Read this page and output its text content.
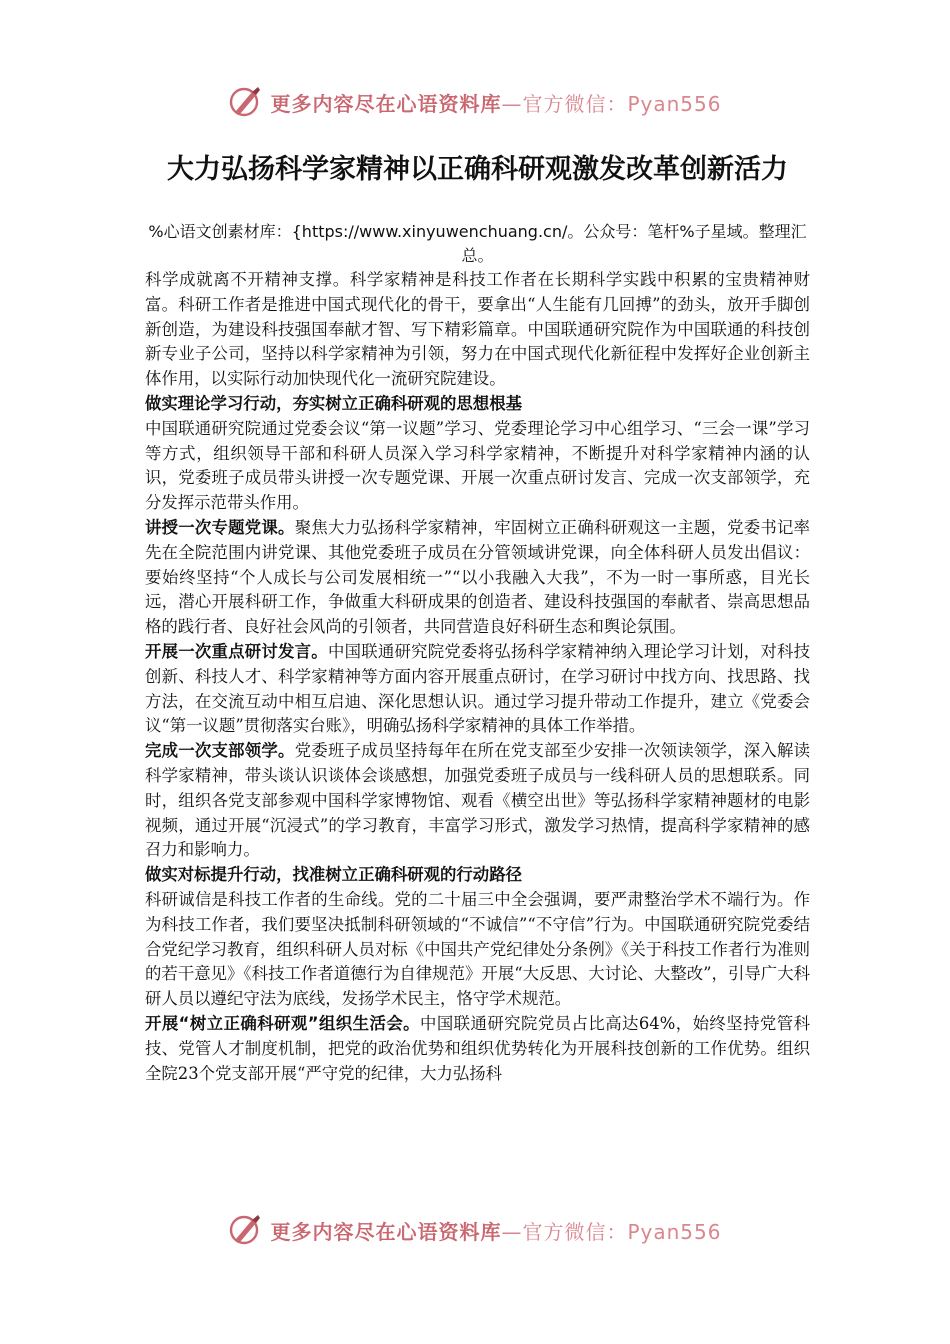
更多内容尽在心语资料库—官方微信：Pyan556
大力弘扬科学家精神以正确科研观激发改革创新活力
%心语文创素材库：{https://www.xinyuwenchuang.cn/。公众号：笔杆%子星域。整理汇总。

科学成就离不开精神支撑。科学家精神是科技工作者在长期科学实践中积累的宝贵精神财富。科研工作者是推进中国式现代化的骨干，要拿出“人生能有几回搏”的劲头，放开手脚创新创造，为建设科技强国奉献才智、写下精彩篇章。中国联通研究院作为中国联通的科技创新专业子公司，坚持以科学家精神为引领，努力在中国式现代化新征程中发挥好企业创新主体作用，以实际行动加快现代化一流研究院建设。

做实理论学习行动，夯实树立正确科研观的思想根基

中国联通研究院通过党委会议“第一议题”学习、党委理论学习中心组学习、“三会一课”学习等方式，组织领导干部和科研人员深入学习科学家精神，不断提升对科学家精神内涵的认识，党委班子成员带头讲授一次专题党课、开展一次重点研讨发言、完成一次支部领学，充分发挥示范带头作用。

讲授一次专题党课。聚焦大力弘扬科学家精神，牢固树立正确科研观这一主题，党委书记率先在全院范围内讲党课、其他党委班子成员在分管领域讲党课，向全体科研人员发出倡议：要始终坚持“个人成长与公司发展相统一”“以小我融入大我”，不为一时一事所惑，目光长远，潜心开展科研工作，争做重大科研成果的创造者、建设科技强国的奉献者、崇高思想品格的践行者、良好社会风尚的引领者，共同营造良好科研生态和舆论氛围。

开展一次重点研讨发言。中国联通研究院党委将弘扬科学家精神纳入理论学习计划，对科技创新、科技人才、科学家精神等方面内容开展重点研讨，在学习研讨中找方向、找思路、找方法，在交流互动中相互启迪、深化思想认识。通过学习提升带动工作提升，建立《党委会议“第一议题”贯彻落实台账》，明确弘扬科学家精神的具体工作举措。

完成一次支部领学。党委班子成员坚持每年在所在党支部至少安排一次领读领学，深入解读科学家精神，带头谈认识谈体会谈感想，加强党委班子成员与一线科研人员的思想联系。同时，组织各党支部参观中国科学家博物馆、观看《横空出世》等弘扬科学家精神题材的电影视频，通过开展“沉浸式”的学习教育，丰富学习形式，激发学习热情，提高科学家精神的感召力和影响力。

做实对标提升行动，找准树立正确科研观的行动路径

科研诚信是科技工作者的生命线。党的二十届三中全会强调，要严肃整治学术不端行为。作为科技工作者，我们要坚决抵制科研领域的“不诚信”“不守信”行为。中国联通研究院党委结合党纪学习教育，组织科研人员对标《中国共产党纪律处分条例》《关于科技工作者行为准则的若干意见》《科技工作者道德行为自律规范》开展“大反思、大讨论、大整改”，引导广大科研人员以遵纪守法为底线，发扬学术民主，恪守学术规范。

开展“树立正确科研观”组织生活会。中国联通研究院党员占比高达64%，始终坚持党管科技、党管人才制度机制，把党的政治优势和组织优势转化为开展科技创新的工作优势。组织全院23个党支部开展“严守党的纪律，大力弘扬科

更多内容尽在心语资料库—官方微信：Pyan556
